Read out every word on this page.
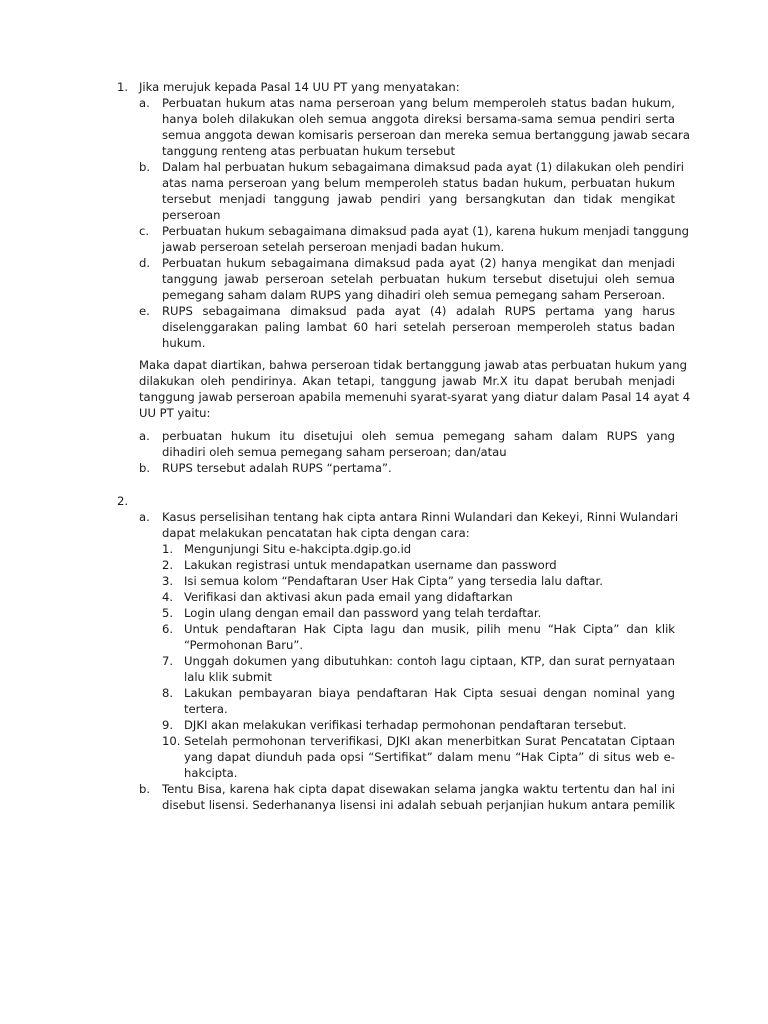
1. Jika merujuk kepada Pasal 14 UU PT yang menyatakan:
a. Perbuatan hukum atas nama perseroan yang belum memperoleh status badan hukum,
hanya boleh dilakukan oleh semua anggota direksi bersama-sama semua pendiri serta
semua anggota dewan komisaris perseroan dan mereka semua bertanggung jawab secara
tanggung renteng atas perbuatan hukum tersebut
b. Dalam hal perbuatan hukum sebagaimana dimaksud pada ayat (1) dilakukan oleh pendiri
atas nama perseroan yang belum memperoleh status badan hukum, perbuatan hukum
tersebut menjadi tanggung jawab pendiri yang bersangkutan dan tidak mengikat
perseroan
c. Perbuatan hukum sebagaimana dimaksud pada ayat (1), karena hukum menjadi tanggung
jawab perseroan setelah perseroan menjadi badan hukum.
d. Perbuatan hukum sebagaimana dimaksud pada ayat (2) hanya mengikat dan menjadi
tanggung jawab perseroan setelah perbuatan hukum tersebut disetujui oleh semua
pemegang saham dalam RUPS yang dihadiri oleh semua pemegang saham Perseroan.
e. RUPS sebagaimana dimaksud pada ayat (4) adalah RUPS pertama yang harus
diselenggarakan paling lambat 60 hari setelah perseroan memperoleh status badan
hukum.
Maka dapat diartikan, bahwa perseroan tidak bertanggung jawab atas perbuatan hukum yang
dilakukan oleh pendirinya. Akan tetapi, tanggung jawab Mr.X itu dapat berubah menjadi
tanggung jawab perseroan apabila memenuhi syarat-syarat yang diatur dalam Pasal 14 ayat 4
UU PT yaitu:
a. perbuatan hukum itu disetujui oleh semua pemegang saham dalam RUPS yang
dihadiri oleh semua pemegang saham perseroan; dan/atau
b. RUPS tersebut adalah RUPS “pertama”.
2.
a. Kasus perselisihan tentang hak cipta antara Rinni Wulandari dan Kekeyi, Rinni Wulandari
dapat melakukan pencatatan hak cipta dengan cara:
1. Mengunjungi Situ e-hakcipta.dgip.go.id
2. Lakukan registrasi untuk mendapatkan username dan password
3. Isi semua kolom “Pendaftaran User Hak Cipta” yang tersedia lalu daftar.
4. Verifikasi dan aktivasi akun pada email yang didaftarkan
5. Login ulang dengan email dan password yang telah terdaftar.
6. Untuk pendaftaran Hak Cipta lagu dan musik, pilih menu “Hak Cipta” dan klik
“Permohonan Baru”.
7. Unggah dokumen yang dibutuhkan: contoh lagu ciptaan, KTP, dan surat pernyataan
lalu klik submit
8. Lakukan pembayaran biaya pendaftaran Hak Cipta sesuai dengan nominal yang
tertera.
9. DJKI akan melakukan verifikasi terhadap permohonan pendaftaran tersebut.
10. Setelah permohonan terverifikasi, DJKI akan menerbitkan Surat Pencatatan Ciptaan
yang dapat diunduh pada opsi “Sertifikat” dalam menu “Hak Cipta” di situs web e-
hakcipta.
b. Tentu Bisa, karena hak cipta dapat disewakan selama jangka waktu tertentu dan hal ini
disebut lisensi. Sederhananya lisensi ini adalah sebuah perjanjian hukum antara pemilik
